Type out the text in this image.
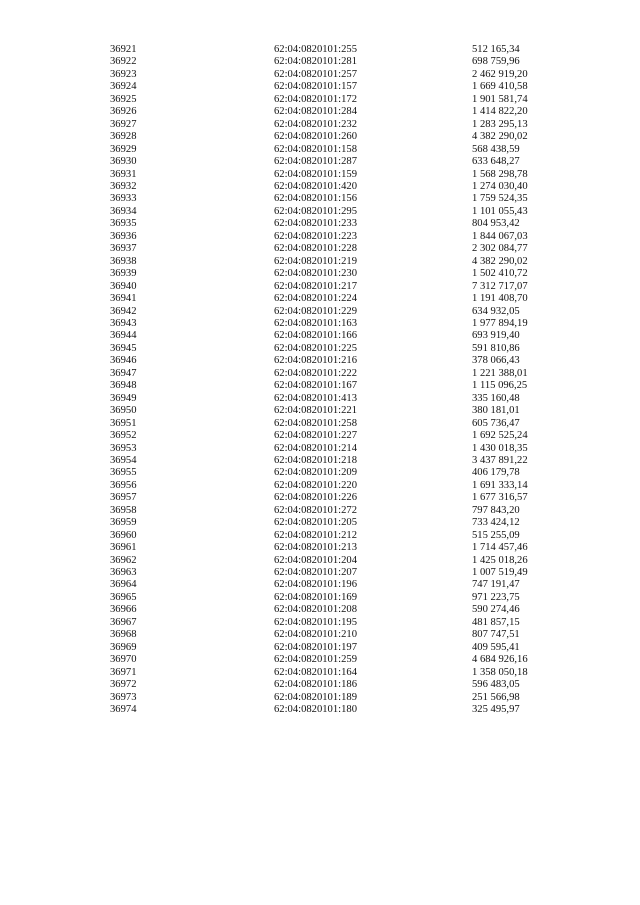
36921	62:04:0820101:255	512 165,34
36922	62:04:0820101:281	698 759,96
36923	62:04:0820101:257	2 462 919,20
36924	62:04:0820101:157	1 669 410,58
36925	62:04:0820101:172	1 901 581,74
36926	62:04:0820101:284	1 414 822,20
36927	62:04:0820101:232	1 283 295,13
36928	62:04:0820101:260	4 382 290,02
36929	62:04:0820101:158	568 438,59
36930	62:04:0820101:287	633 648,27
36931	62:04:0820101:159	1 568 298,78
36932	62:04:0820101:420	1 274 030,40
36933	62:04:0820101:156	1 759 524,35
36934	62:04:0820101:295	1 101 055,43
36935	62:04:0820101:233	804 953,42
36936	62:04:0820101:223	1 844 067,03
36937	62:04:0820101:228	2 302 084,77
36938	62:04:0820101:219	4 382 290,02
36939	62:04:0820101:230	1 502 410,72
36940	62:04:0820101:217	7 312 717,07
36941	62:04:0820101:224	1 191 408,70
36942	62:04:0820101:229	634 932,05
36943	62:04:0820101:163	1 977 894,19
36944	62:04:0820101:166	693 919,40
36945	62:04:0820101:225	591 810,86
36946	62:04:0820101:216	378 066,43
36947	62:04:0820101:222	1 221 388,01
36948	62:04:0820101:167	1 115 096,25
36949	62:04:0820101:413	335 160,48
36950	62:04:0820101:221	380 181,01
36951	62:04:0820101:258	605 736,47
36952	62:04:0820101:227	1 692 525,24
36953	62:04:0820101:214	1 430 018,35
36954	62:04:0820101:218	3 437 891,22
36955	62:04:0820101:209	406 179,78
36956	62:04:0820101:220	1 691 333,14
36957	62:04:0820101:226	1 677 316,57
36958	62:04:0820101:272	797 843,20
36959	62:04:0820101:205	733 424,12
36960	62:04:0820101:212	515 255,09
36961	62:04:0820101:213	1 714 457,46
36962	62:04:0820101:204	1 425 018,26
36963	62:04:0820101:207	1 007 519,49
36964	62:04:0820101:196	747 191,47
36965	62:04:0820101:169	971 223,75
36966	62:04:0820101:208	590 274,46
36967	62:04:0820101:195	481 857,15
36968	62:04:0820101:210	807 747,51
36969	62:04:0820101:197	409 595,41
36970	62:04:0820101:259	4 684 926,16
36971	62:04:0820101:164	1 358 050,18
36972	62:04:0820101:186	596 483,05
36973	62:04:0820101:189	251 566,98
36974	62:04:0820101:180	325 495,97
